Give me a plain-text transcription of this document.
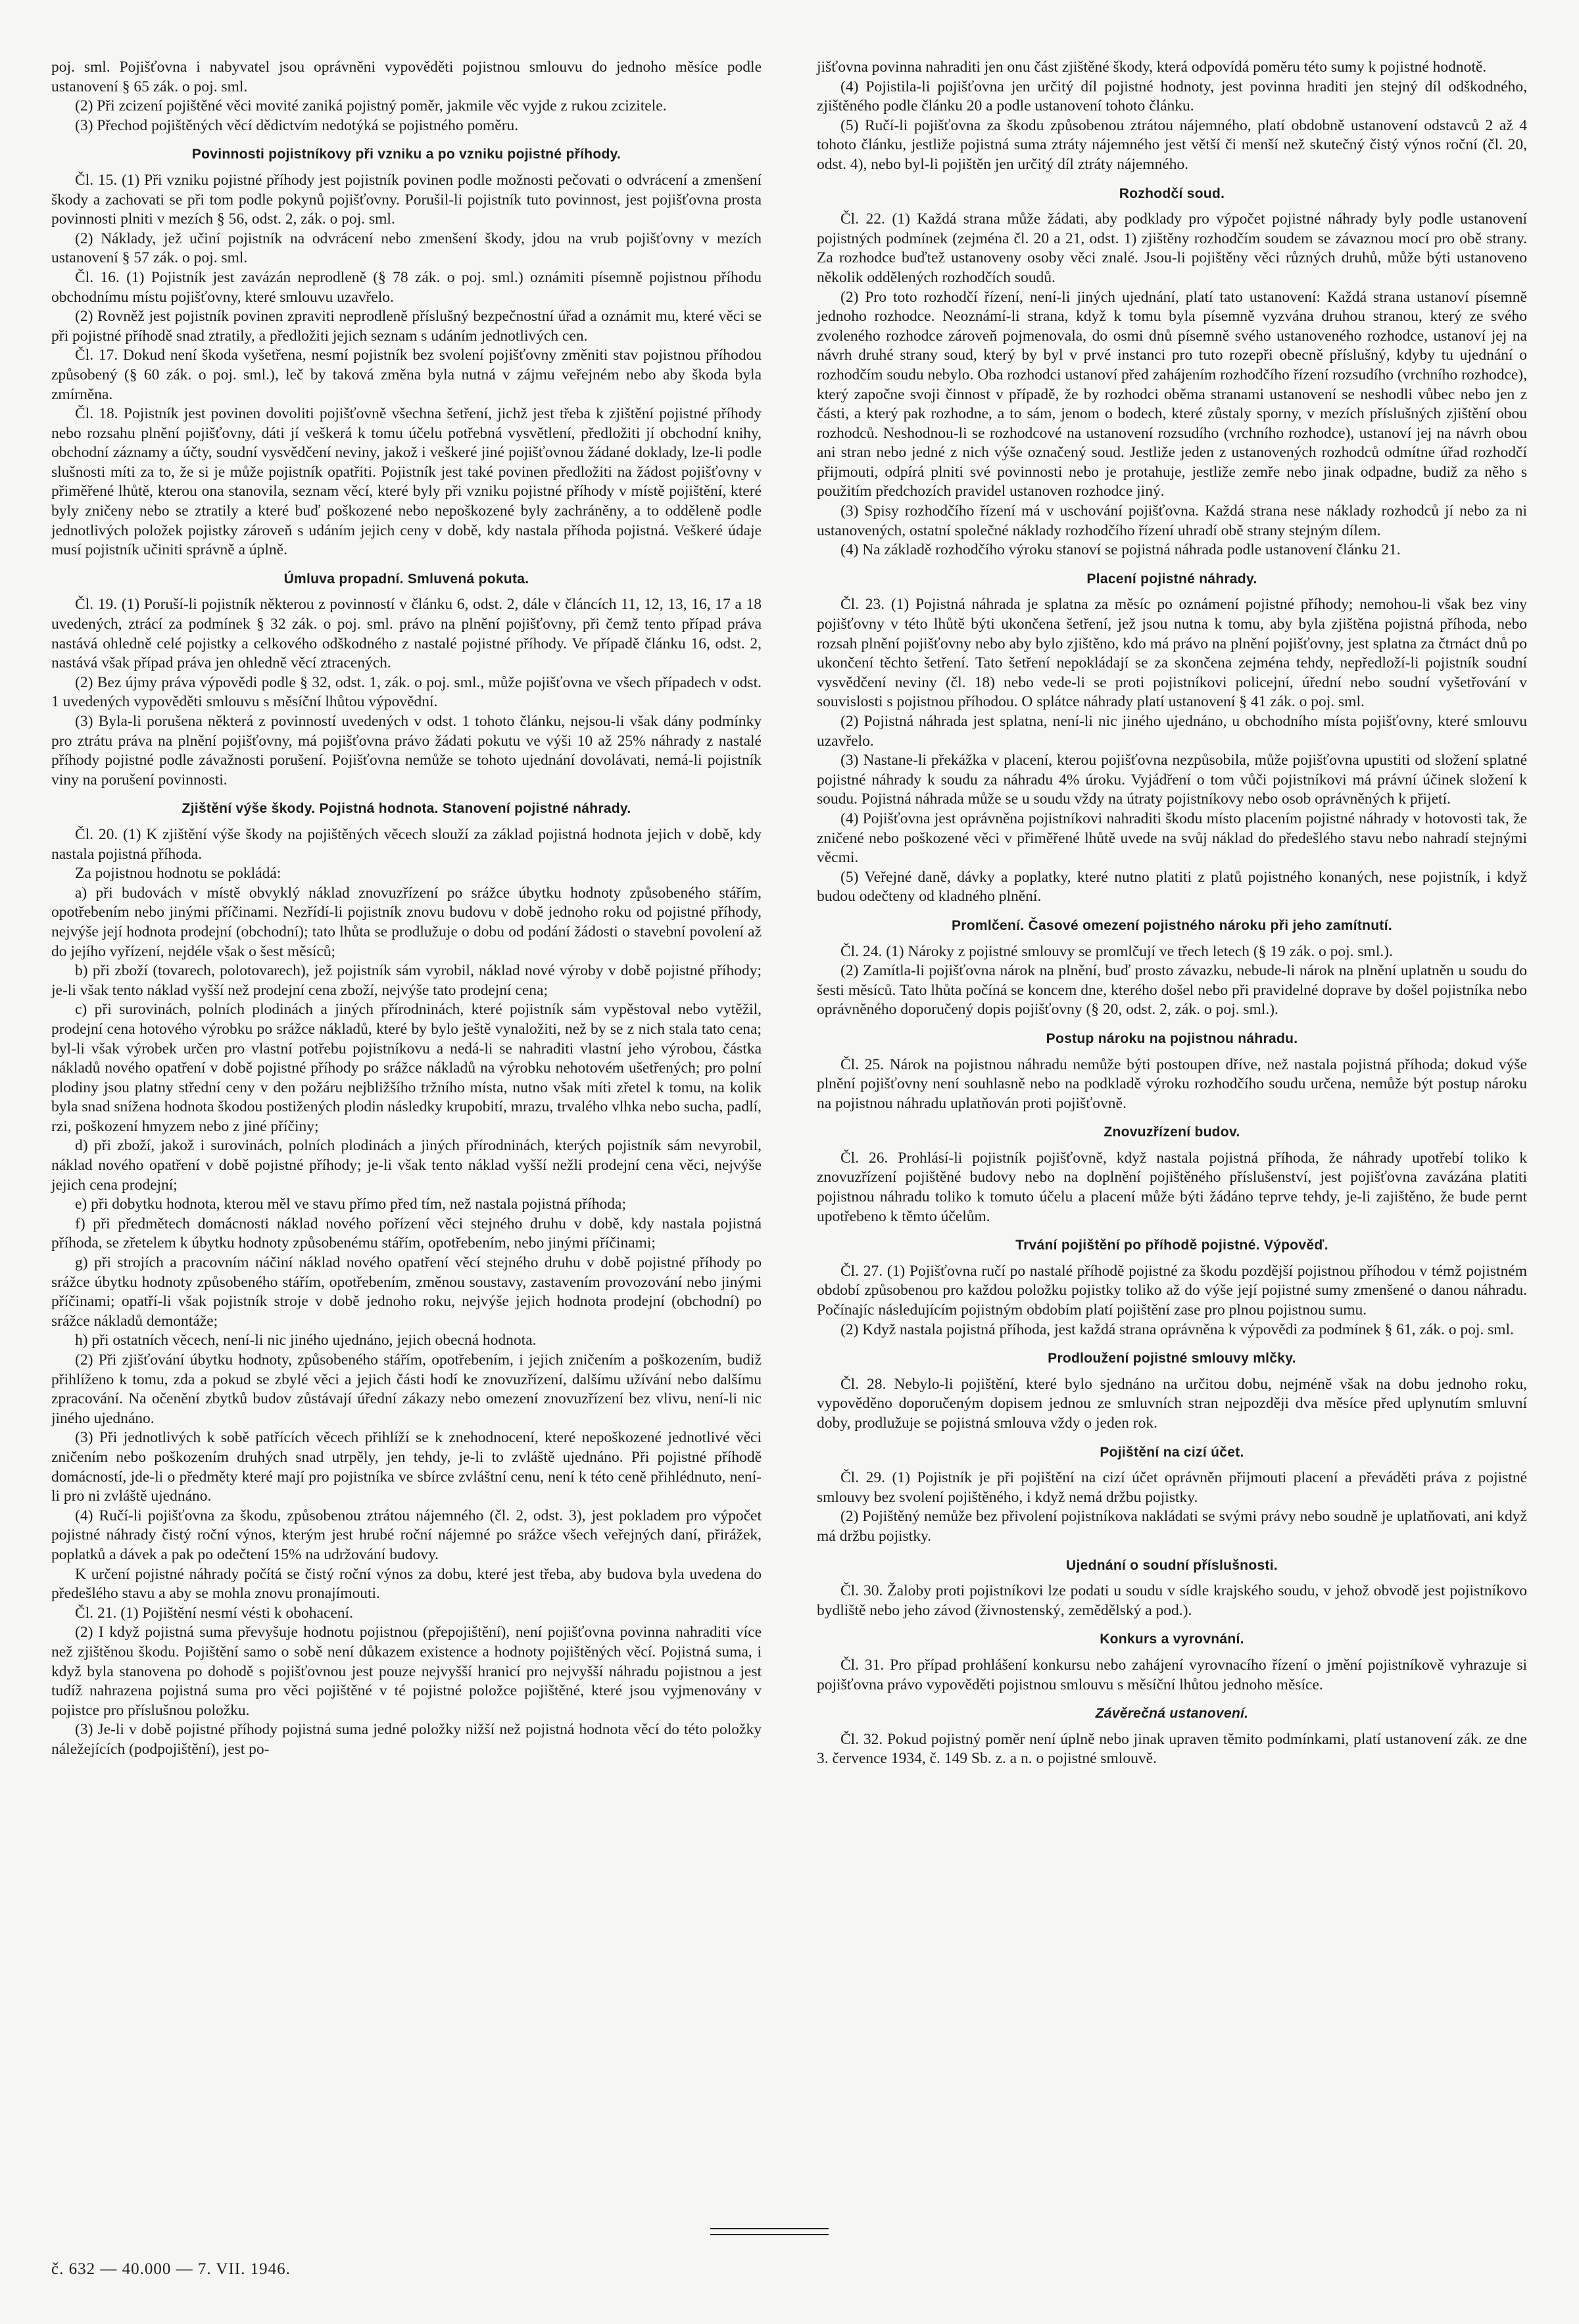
poj. sml. Pojišťovna i nabyvatel jsou oprávněni vypověděti pojistnou smlouvu do jednoho měsíce podle ustanovení § 65 zák. o poj. sml.

(2) Při zcizení pojištěné věci movité zaniká pojistný poměr, jakmile věc vyjde z rukou zcizitele.

(3) Přechod pojištěných věcí dědictvím nedotýká se pojistného poměru.

Povinnosti pojistníkovy při vzniku a po vzniku pojistné příhody.

Čl. 15. (1) Při vzniku pojistné příhody jest pojistník povinen podle možnosti pečovati o odvrácení a zmenšení škody a zachovati se při tom podle pokynů pojišťovny. Porušil-li pojistník tuto povinnost, jest pojišťovna prosta povinnosti plniti v mezích § 56, odst. 2, zák. o poj. sml.

(2) Náklady, jež učiní pojistník na odvrácení nebo zmenšení škody, jdou na vrub pojišťovny v mezích ustanovení § 57 zák. o poj. sml.

Čl. 16. (1) Pojistník jest zavázán neprodleně (§ 78 zák. o poj. sml.) oznámiti písemně pojistnou příhodu obchodnímu místu pojišťovny, které smlouvu uzavřelo.

(2) Rovněž jest pojistník povinen zpraviti neprodleně příslušný bezpečnostní úřad a oznámit mu, které věci se při pojistné příhodě snad ztratily, a předložiti jejich seznam s udáním jednotlivých cen.

Čl. 17. Dokud není škoda vyšetřena, nesmí pojistník bez svolení pojišťovny změniti stav pojistnou příhodou způsobený (§ 60 zák. o poj. sml.), leč by taková změna byla nutná v zájmu veřejném nebo aby škoda byla zmírněna.

Čl. 18. Pojistník jest povinen dovoliti pojišťovně všechna šetření, jichž jest třeba k zjištění pojistné příhody nebo rozsahu plnění pojišťovny, dáti jí veškerá k tomu účelu potřebná vysvětlení, předložiti jí obchodní knihy, obchodní záznamy a účty, soudní vysvědčení neviny, jakož i veškeré jiné pojišťovnou žádané doklady, lze-li podle slušnosti míti za to, že si je může pojistník opatřiti. Pojistník jest také povinen předložiti na žádost pojišťovny v přiměřené lhůtě, kterou ona stanovila, seznam věcí, které byly při vzniku pojistné příhody v místě pojištění, které byly zničeny nebo se ztratily a které buď poškozené nebo nepoškozené byly zachráněny, a to odděleně podle jednotlivých položek pojistky zároveň s udáním jejich ceny v době, kdy nastala příhoda pojistná. Veškeré údaje musí pojistník učiniti správně a úplně.

Úmluva propadní. Smluvená pokuta.

Čl. 19. (1) Poruší-li pojistník některou z povinností v článku 6, odst. 2, dále v článcích 11, 12, 13, 16, 17 a 18 uvedených, ztrácí za podmínek § 32 zák. o poj. sml. právo na plnění pojišťovny, při čemž tento případ práva nastává ohledně celé pojistky a celkového odškodného z nastalé pojistné příhody. Ve případě článku 16, odst. 2, nastává však případ práva jen ohledně věcí ztracených.

(2) Bez újmy práva výpovědi podle § 32, odst. 1, zák. o poj. sml., může pojišťovna ve všech případech v odst. 1 uvedených vypověděti smlouvu s měsíční lhůtou výpovědní.

(3) Byla-li porušena některá z povinností uvedených v odst. 1 tohoto článku, nejsou-li však dány podmínky pro ztrátu práva na plnění pojišťovny, má pojišťovna právo žádati pokutu ve výši 10 až 25% náhrady z nastalé příhody pojistné podle závažnosti porušení. Pojišťovna nemůže se tohoto ujednání dovolávati, nemá-li pojistník viny na porušení povinnosti.

Zjištění výše škody. Pojistná hodnota. Stanovení pojistné náhrady.

Čl. 20. (1) K zjištění výše škody na pojištěných věcech slouží za základ pojistná hodnota jejich v době, kdy nastala pojistná příhoda.

Za pojistnou hodnotu se pokládá:

a) při budovách v místě obvyklý náklad znovuzřízení po srážce úbytku hodnoty způsobeného stářím, opotřebením nebo jinými příčinami. Nezřídí-li pojistník znovu budovu v době jednoho roku od pojistné příhody, nejvýše její hodnota prodejní (obchodní); tato lhůta se prodlužuje o dobu od podání žádosti o stavební povolení až do jejího vyřízení, nejdéle však o šest měsíců;

b) při zboží (tovarech, polotovarech), jež pojistník sám vyrobil, náklad nové výroby v době pojistné příhody; je-li však tento náklad vyšší než prodejní cena zboží, nejvýše tato prodejní cena;

c) při surovinách, polních plodinách a jiných přírodninách, které pojistník sám vypěstoval nebo vytěžil, prodejní cena hotového výrobku po srážce nákladů, které by bylo ještě vynaložiti, než by se z nich stala tato cena; byl-li však výrobek určen pro vlastní potřebu pojistníkovu a nedá-li se nahraditi vlastní jeho výrobou, částka nákladů nového opatření v době pojistné příhody po srážce nákladů na výrobku nehotovém ušetřených; pro polní plodiny jsou platny střední ceny v den požáru nejbližšího tržního místa, nutno však míti zřetel k tomu, na kolik byla snad snížena hodnota škodou postižených plodin následky krupobití, mrazu, trvalého vlhka nebo sucha, padlí, rzi, poškození hmyzem nebo z jiné příčiny;

d) při zboží, jakož i surovinách, polních plodinách a jiných přírodninách, kterých pojistník sám nevyrobil, náklad nového opatření v době pojistné příhody; je-li však tento náklad vyšší nežli prodejní cena věci, nejvýše jejich cena prodejní;

e) při dobytku hodnota, kterou měl ve stavu přímo před tím, než nastala pojistná příhoda;

f) při předmětech domácnosti náklad nového pořízení věci stejného druhu v době, kdy nastala pojistná příhoda, se zřetelem k úbytku hodnoty způsobenému stářím, opotřebením, nebo jinými příčinami;

g) při strojích a pracovním náčiní náklad nového opatření věcí stejného druhu v době pojistné příhody po srážce úbytku hodnoty způsobeného stářím, opotřebením, změnou soustavy, zastavením provozování nebo jinými příčinami; opatří-li však pojistník stroje v době jednoho roku, nejvýše jejich hodnota prodejní (obchodní) po srážce nákladů demontáže;

h) při ostatních věcech, není-li nic jiného ujednáno, jejich obecná hodnota.

(2) Při zjišťování úbytku hodnoty, způsobeného stářím, opotřebením, i jejich zničením a poškozením, budiž přihlíženo k tomu, zda a pokud se zbylé věci a jejich části hodí ke znovuzřízení, dalšímu užívání nebo dalšímu zpracování. Na očenění zbytků budov zůstávají úřední zákazy nebo omezení znovuzřízení bez vlivu, není-li nic jiného ujednáno.

(3) Při jednotlivých k sobě patřících věcech přihlíží se k znehodnocení, které nepoškozené jednotlivé věci zničením nebo poškozením druhých snad utrpěly, jen tehdy, je-li to zvláště ujednáno. Při pojistné příhodě domácností, jde-li o předměty které mají pro pojistníka ve sbírce zvláštní cenu, není k této ceně přihlédnuto, není-li pro ni zvláště ujednáno.

(4) Ručí-li pojišťovna za škodu, způsobenou ztrátou nájemného (čl. 2, odst. 3), jest pokladem pro výpočet pojistné náhrady čistý roční výnos, kterým jest hrubé roční nájemné po srážce všech veřejných daní, přirážek, poplatků a dávek a pak po odečtení 15% na udržování budovy.

K určení pojistné náhrady počítá se čistý roční výnos za dobu, které jest třeba, aby budova byla uvedena do předešlého stavu a aby se mohla znovu pronajímouti.

Čl. 21. (1) Pojištění nesmí vésti k obohacení.

(2) I když pojistná suma převyšuje hodnotu pojistnou (přepojištění), není pojišťovna povinna nahraditi více než zjištěnou škodu. Pojištění samo o sobě není důkazem existence a hodnoty pojištěných věcí. Pojistná suma, i když byla stanovena po dohodě s pojišťovnou jest pouze nejvyšší hranicí pro nejvyšší náhradu pojistnou a jest tudíž nahrazena pojistná suma pro věci pojištěné v té pojistné položce pojištěné, které jsou vyjmenovány v pojistce pro příslušnou položku.

(3) Je-li v době pojistné příhody pojistná suma jedné položky nižší než pojistná hodnota věcí do této položky náležejících (podpojištění), jest po-

jišťovna povinna nahraditi jen onu část zjištěné škody, která odpovídá poměru této sumy k pojistné hodnotě.

(4) Pojistila-li pojišťovna jen určitý díl pojistné hodnoty, jest povinna hraditi jen stejný díl odškodného, zjištěného podle článku 20 a podle ustanovení tohoto článku.

(5) Ručí-li pojišťovna za škodu způsobenou ztrátou nájemného, platí obdobně ustanovení odstavců 2 až 4 tohoto článku, jestliže pojistná suma ztráty nájemného jest větší či menší než skutečný čistý výnos roční (čl. 20, odst. 4), nebo byl-li pojištěn jen určitý díl ztráty nájemného.

Rozhodčí soud.

Čl. 22. (1) Každá strana může žádati, aby podklady pro výpočet pojistné náhrady byly podle ustanovení pojistných podmínek (zejména čl. 20 a 21, odst. 1) zjištěny rozhodčím soudem se závaznou mocí pro obě strany. Za rozhodce buďtež ustanoveny osoby věci znalé. Jsou-li pojištěny věci různých druhů, může býti ustanoveno několik oddělených rozhodčích soudů.

(2) Pro toto rozhodčí řízení, není-li jiných ujednání, platí tato ustanovení: Každá strana ustanoví písemně jednoho rozhodce. Neoznámí-li strana, když k tomu byla písemně vyzvána druhou stranou, který ze svého zvoleného rozhodce zároveň pojmenovala, do osmi dnů písemně svého ustanoveného rozhodce, ustanoví jej na návrh druhé strany soud, který by byl v prvé instanci pro tuto rozepři obecně příslušný, kdyby tu ujednání o rozhodčím soudu nebylo. Oba rozhodci ustanoví před zahájením rozhodčího řízení rozsudího (vrchního rozhodce), který započne svoji činnost v případě, že by rozhodci oběma stranami ustanovení se neshodli vůbec nebo jen z části, a který pak rozhodne, a to sám, jenom o bodech, které zůstaly sporny, v mezích příslušných zjištění obou rozhodců. Neshodnou-li se rozhodcové na ustanovení rozsudího (vrchního rozhodce), ustanoví jej na návrh obou ani stran nebo jedné z nich výše označený soud. Jestliže jeden z ustanovených rozhodců odmítne úřad rozhodčí přijmouti, odpírá plniti své povinnosti nebo je protahuje, jestliže zemře nebo jinak odpadne, budiž za něho s použitím předchozích pravidel ustanoven rozhodce jiný.

(3) Spisy rozhodčího řízení má v uschování pojišťovna. Každá strana nese náklady rozhodců jí nebo za ni ustanovených, ostatní společné náklady rozhodčího řízení uhradí obě strany stejným dílem.

(4) Na základě rozhodčího výroku stanoví se pojistná náhrada podle ustanovení článku 21.

Placení pojistné náhrady.

Čl. 23. (1) Pojistná náhrada je splatna za měsíc po oznámení pojistné příhody; nemohou-li však bez viny pojišťovny v této lhůtě býti ukončena šetření, jež jsou nutna k tomu, aby byla zjištěna pojistná příhoda, nebo rozsah plnění pojišťovny nebo aby bylo zjištěno, kdo má právo na plnění pojišťovny, jest splatna za čtrnáct dnů po ukončení těchto šetření. Tato šetření nepokládají se za skončena zejména tehdy, nepředloží-li pojistník soudní vysvědčení neviny (čl. 18) nebo vede-li se proti pojistníkovi policejní, úřední nebo soudní vyšetřování v souvislosti s pojistnou příhodou. O splátce náhrady platí ustanovení § 41 zák. o poj. sml.

(2) Pojistná náhrada jest splatna, není-li nic jiného ujednáno, u obchodního místa pojišťovny, které smlouvu uzavřelo.

(3) Nastane-li překážka v placení, kterou pojišťovna nezpůsobila, může pojišťovna upustiti od složení splatné pojistné náhrady k soudu za náhradu 4% úroku. Vyjádření o tom vůči pojistníkovi má právní účinek složení k soudu. Pojistná náhrada může se u soudu vždy na útraty pojistníkovy nebo osob oprávněných k přijetí.

(4) Pojišťovna jest oprávněna pojistníkovi nahraditi škodu místo placením pojistné náhrady v hotovosti tak, že zničené nebo poškozené věci v přiměřené lhůtě uvede na svůj náklad do předešlého stavu nebo nahradí stejnými věcmi.

(5) Veřejné daně, dávky a poplatky, které nutno platiti z platů pojistného konaných, nese pojistník, i když budou odečteny od kladného plnění.

Promlčení. Časové omezení pojistného nároku při jeho zamítnutí.

Čl. 24. (1) Nároky z pojistné smlouvy se promlčují ve třech letech (§ 19 zák. o poj. sml.).

(2) Zamítla-li pojišťovna nárok na plnění, buď prosto závazku, nebude-li nárok na plnění uplatněn u soudu do šesti měsíců. Tato lhůta počíná se koncem dne, kterého došel nebo při pravidelné doprave by došel pojistníka nebo oprávněného doporučený dopis pojišťovny (§ 20, odst. 2, zák. o poj. sml.).

Postup nároku na pojistnou náhradu.

Čl. 25. Nárok na pojistnou náhradu nemůže býti postoupen dříve, než nastala pojistná příhoda; dokud výše plnění pojišťovny není souhlasně nebo na podkladě výroku rozhodčího soudu určena, nemůže být postup nároku na pojistnou náhradu uplatňován proti pojišťovně.

Znovuzřízení budov.

Čl. 26. Prohlásí-li pojistník pojišťovně, když nastala pojistná příhoda, že náhrady upotřebí toliko k znovuzřízení pojištěné budovy nebo na doplnění pojištěného příslušenství, jest pojišťovna zavázána platiti pojistnou náhradu toliko k tomuto účelu a placení může býti žádáno teprve tehdy, je-li zajištěno, že bude pernt upotřebeno k těmto účelům.

Trvání pojištění po příhodě pojistné. Výpověď.

Čl. 27. (1) Pojišťovna ručí po nastalé příhodě pojistné za škodu pozdější pojistnou příhodou v témž pojistném období způsobenou pro každou položku pojistky toliko až do výše její pojistné sumy zmenšené o danou náhradu. Počínajíc následujícím pojistným obdobím platí pojištění zase pro plnou pojistnou sumu.

(2) Když nastala pojistná příhoda, jest každá strana oprávněna k výpovědi za podmínek § 61, zák. o poj. sml.

Prodloužení pojistné smlouvy mlčky.

Čl. 28. Nebylo-li pojištění, které bylo sjednáno na určitou dobu, nejméně však na dobu jednoho roku, vypověděno doporučeným dopisem jednou ze smluvních stran nejpozději dva měsíce před uplynutím smluvní doby, prodlužuje se pojistná smlouva vždy o jeden rok.

Pojištění na cizí účet.

Čl. 29. (1) Pojistník je při pojištění na cizí účet oprávněn přijmouti placení a převáděti práva z pojistné smlouvy bez svolení pojištěného, i když nemá držbu pojistky.

(2) Pojištěný nemůže bez přivolení pojistníkova nakládati se svými právy nebo soudně je uplatňovati, ani když má držbu pojistky.

Ujednání o soudní příslušnosti.

Čl. 30. Žaloby proti pojistníkovi lze podati u soudu v sídle krajského soudu, v jehož obvodě jest pojistníkovo bydliště nebo jeho závod (živnostenský, zemědělský a pod.).

Konkurs a vyrovnání.

Čl. 31. Pro případ prohlášení konkursu nebo zahájení vyrovnacího řízení o jmění pojistníkově vyhrazuje si pojišťovna právo vypověděti pojistnou smlouvu s měsíční lhůtou jednoho měsíce.

Závěrečná ustanovení.

Čl. 32. Pokud pojistný poměr není úplně nebo jinak upraven těmito podmínkami, platí ustanovení zák. ze dne 3. července 1934, č. 149 Sb. z. a n. o pojistné smlouvě.

č. 632 — 40.000 — 7. VII. 1946.
